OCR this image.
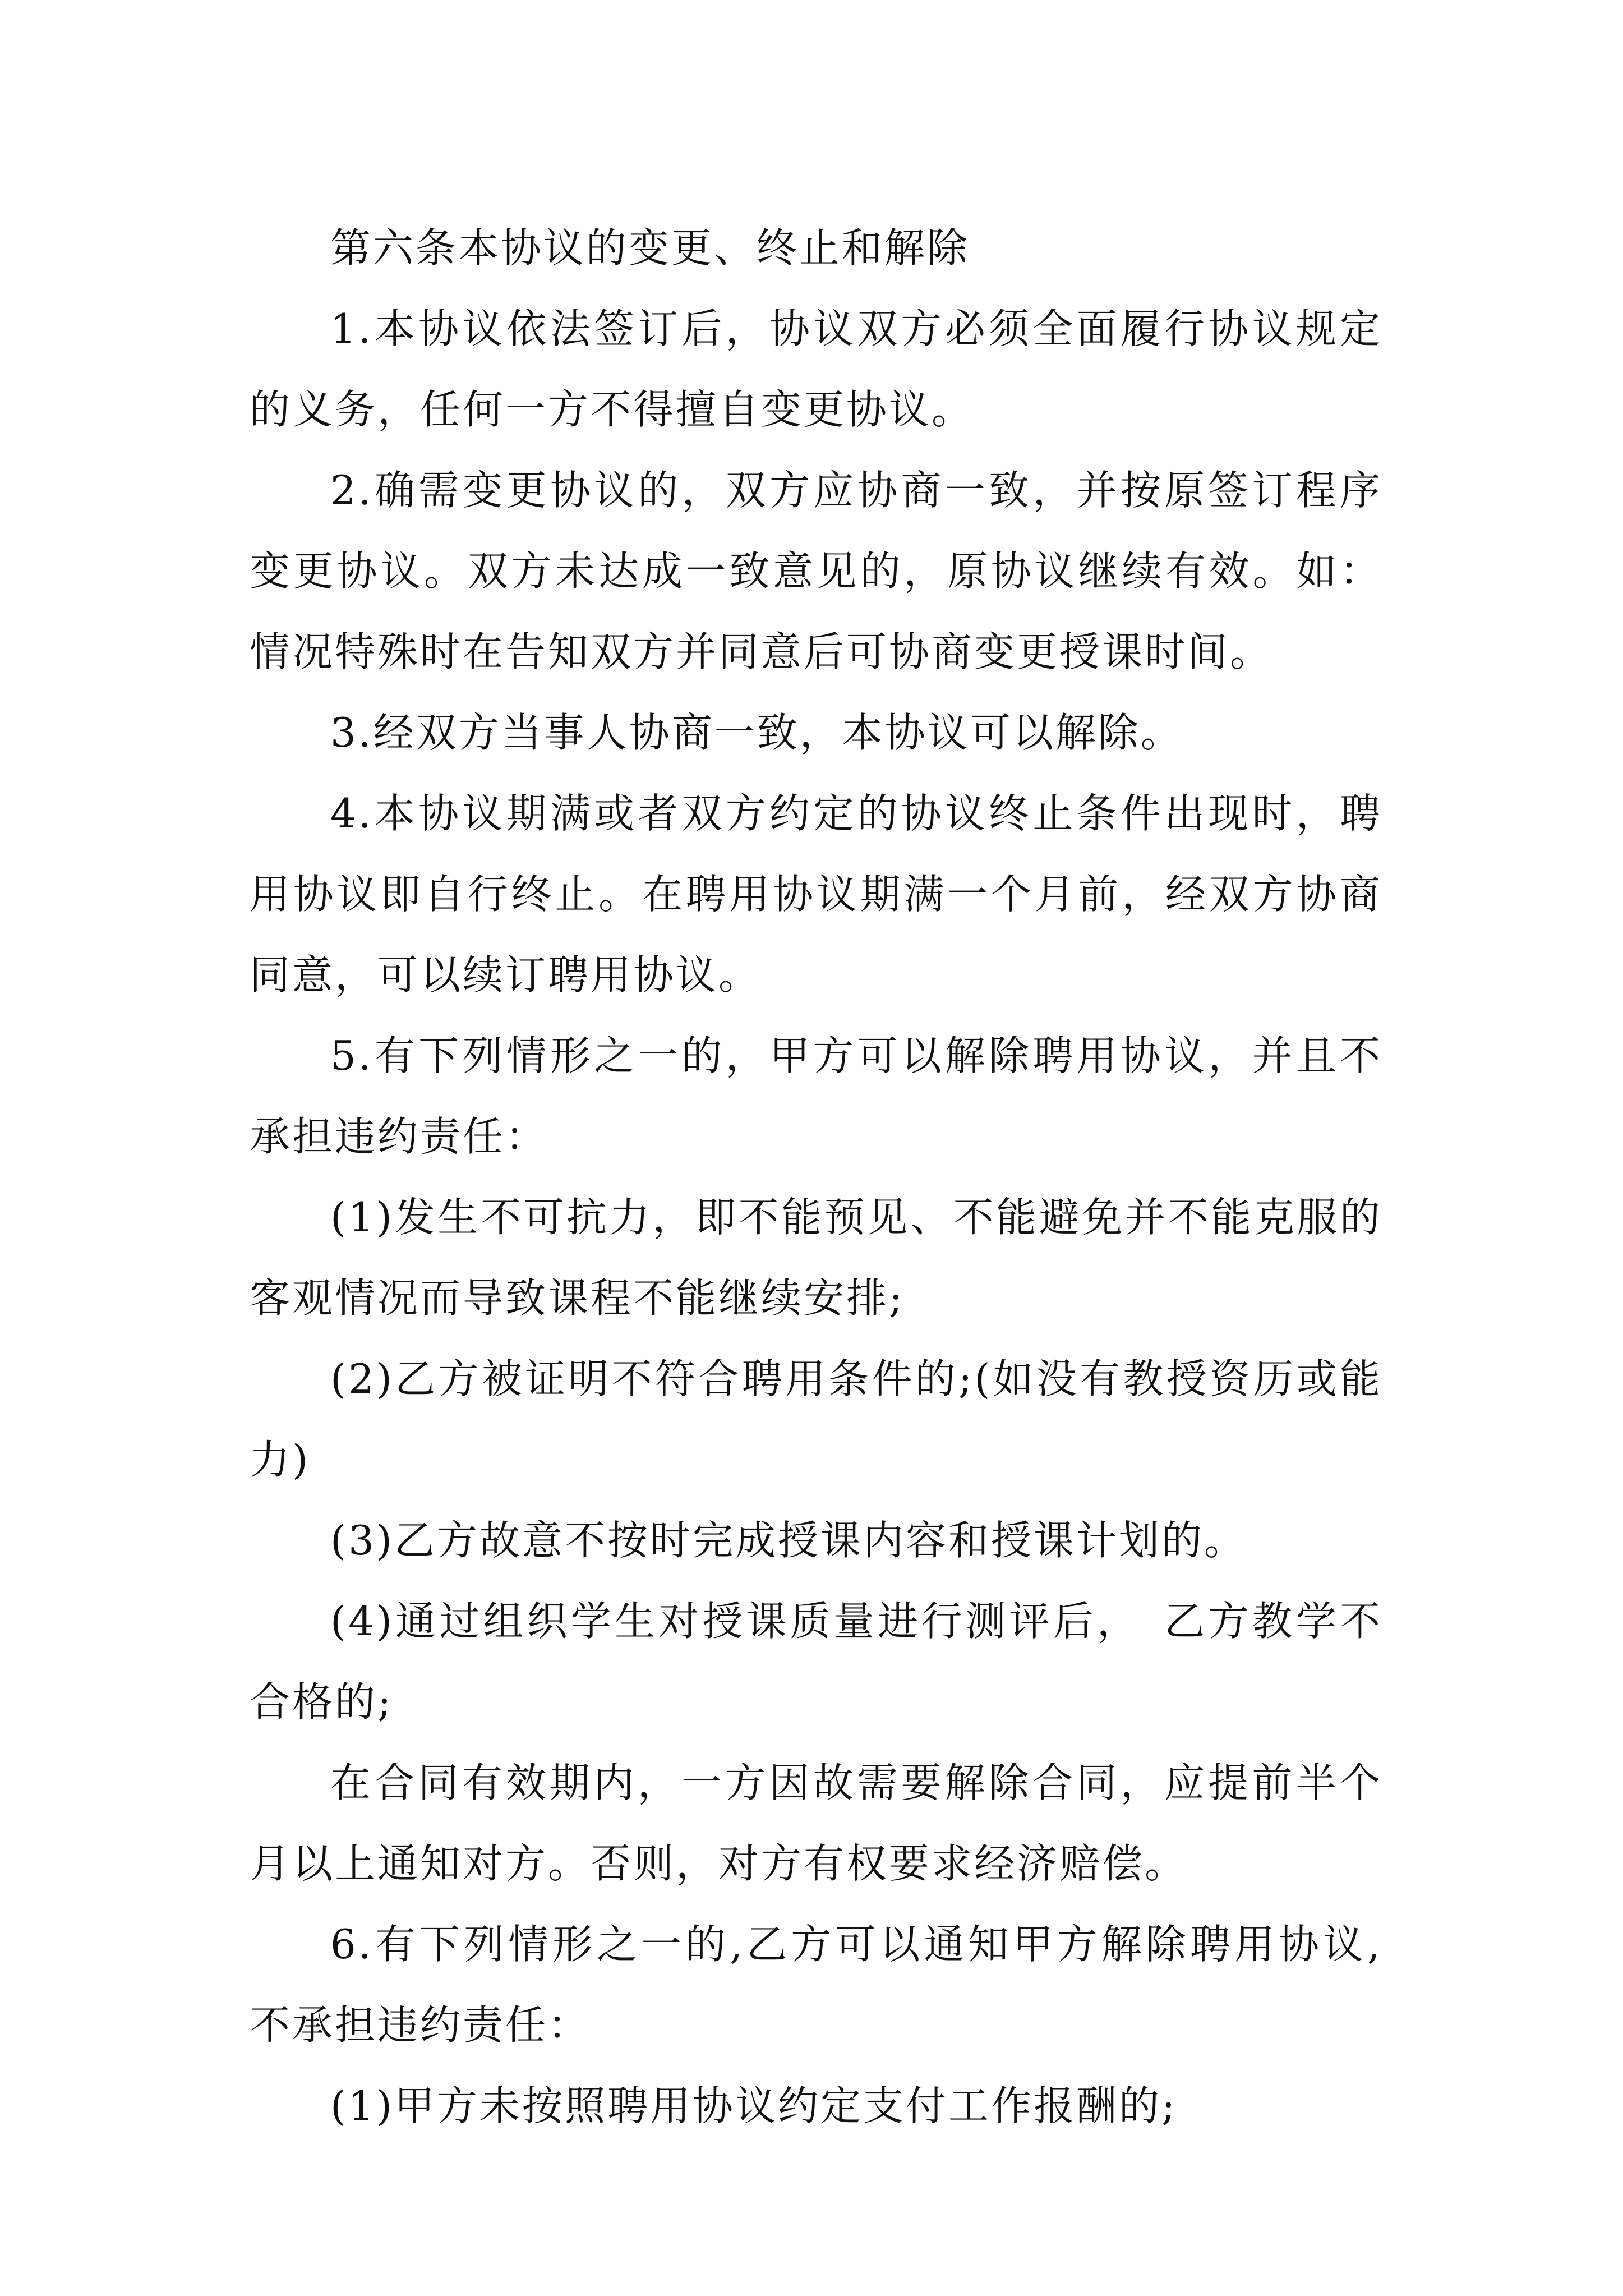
第六条本协议的变更、终止和解除

1.本协议依法签订后，协议双方必须全面履行协议规定的义务，任何一方不得擅自变更协议。

2.确需变更协议的，双方应协商一致，并按原签订程序变更协议。双方未达成一致意见的，原协议继续有效。如：情况特殊时在告知双方并同意后可协商变更授课时间。

3.经双方当事人协商一致，本协议可以解除。

4.本协议期满或者双方约定的协议终止条件出现时，聘用协议即自行终止。在聘用协议期满一个月前，经双方协商同意，可以续订聘用协议。

5.有下列情形之一的，甲方可以解除聘用协议，并且不承担违约责任：

(1)发生不可抗力，即不能预见、不能避免并不能克服的客观情况而导致课程不能继续安排;

(2)乙方被证明不符合聘用条件的;(如没有教授资历或能力)

(3)乙方故意不按时完成授课内容和授课计划的。

(4)通过组织学生对授课质量进行测评后，　乙方教学不合格的;

在合同有效期内，一方因故需要解除合同，应提前半个月以上通知对方。否则，对方有权要求经济赔偿。

6.有下列情形之一的,乙方可以通知甲方解除聘用协议,不承担违约责任：

(1)甲方未按照聘用协议约定支付工作报酬的;
